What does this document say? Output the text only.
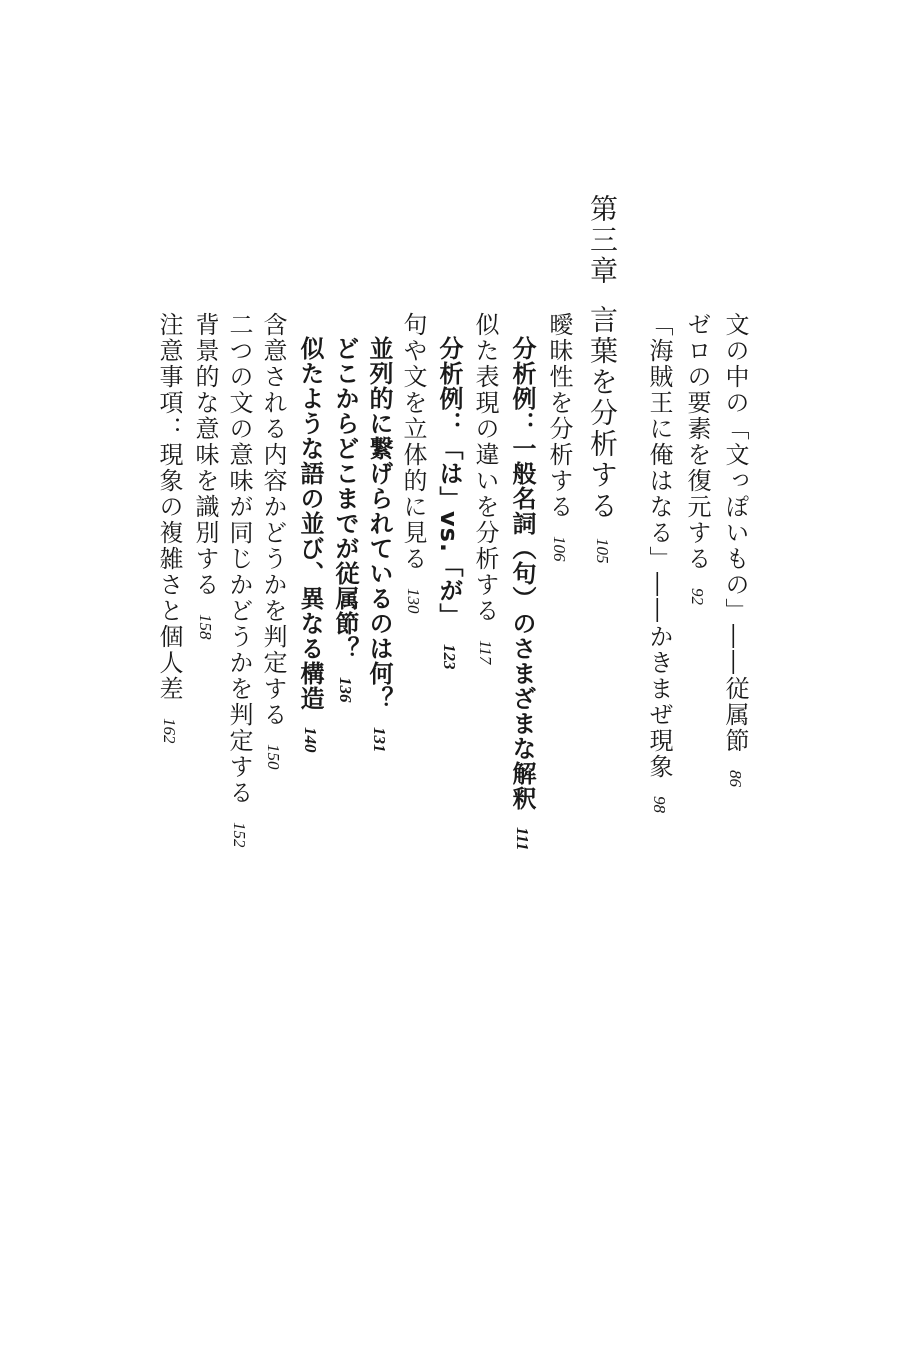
文の中の「文っぽいもの」――従属節86
ゼロの要素を復元する92
「海賊王に俺はなる」――かきまぜ現象98
第三章言葉を分析する105
曖昧性を分析する106
分析例：一般名詞（句）のさまざまな解釈111
似た表現の違いを分析する117
分析例：「は」vs.「が」123
句や文を立体的に見る130
並列的に繋げられているのは何？131
どこからどこまでが従属節？136
似たような語の並び、異なる構造140
含意される内容かどうかを判定する150
二つの文の意味が同じかどうかを判定する152
背景的な意味を識別する158
注意事項：現象の複雑さと個人差162
